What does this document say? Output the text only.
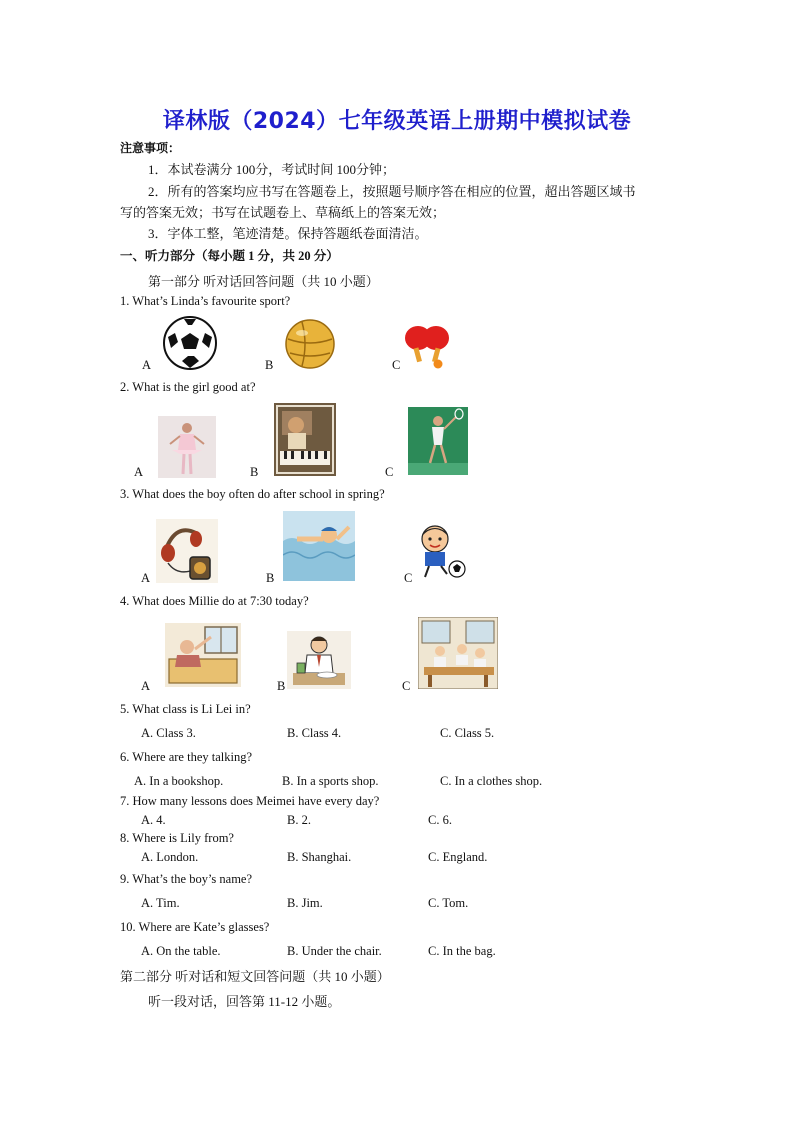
译林版（2024）七年级英语上册期中模拟试卷
注意事项：
1．本试卷满分 100分，考试时间 100分钟；
2．所有的答案均应书写在答题卷上，按照题号顺序答在相应的位置，超出答题区域书
写的答案无效；书写在试题卷上、草稿纸上的答案无效；
3．字体工整，笔迹清楚。保持答题纸卷面清洁。
一、听力部分（每小题 1 分，共 20 分）
第一部分 听对话回答问题（共 10 小题）
1. What’s Linda’s favourite sport?
A	B	C
2. What is the girl good at?
A	B	C
3. What does the boy often do after school in spring?
A	B	C
4. What does Millie do at 7:30 today?
A	B	C
5. What class is Li Lei in?
A. Class 3.	B. Class 4.	C. Class 5.
6. Where are they talking?
A. In a bookshop.	B. In a sports shop.	C. In a clothes shop.
7. How many lessons does Meimei have every day?
A. 4.	B. 2.	C. 6.
8. Where is Lily from?
A. London.	B. Shanghai.	C. England.
9. What’s the boy’s name?
A. Tim.	B. Jim.	C. Tom.
10. Where are Kate’s glasses?
A. On the table.	B. Under the chair.	C. In the bag.
第二部分 听对话和短文回答问题（共 10 小题）
听一段对话，回答第 11-12 小题。
